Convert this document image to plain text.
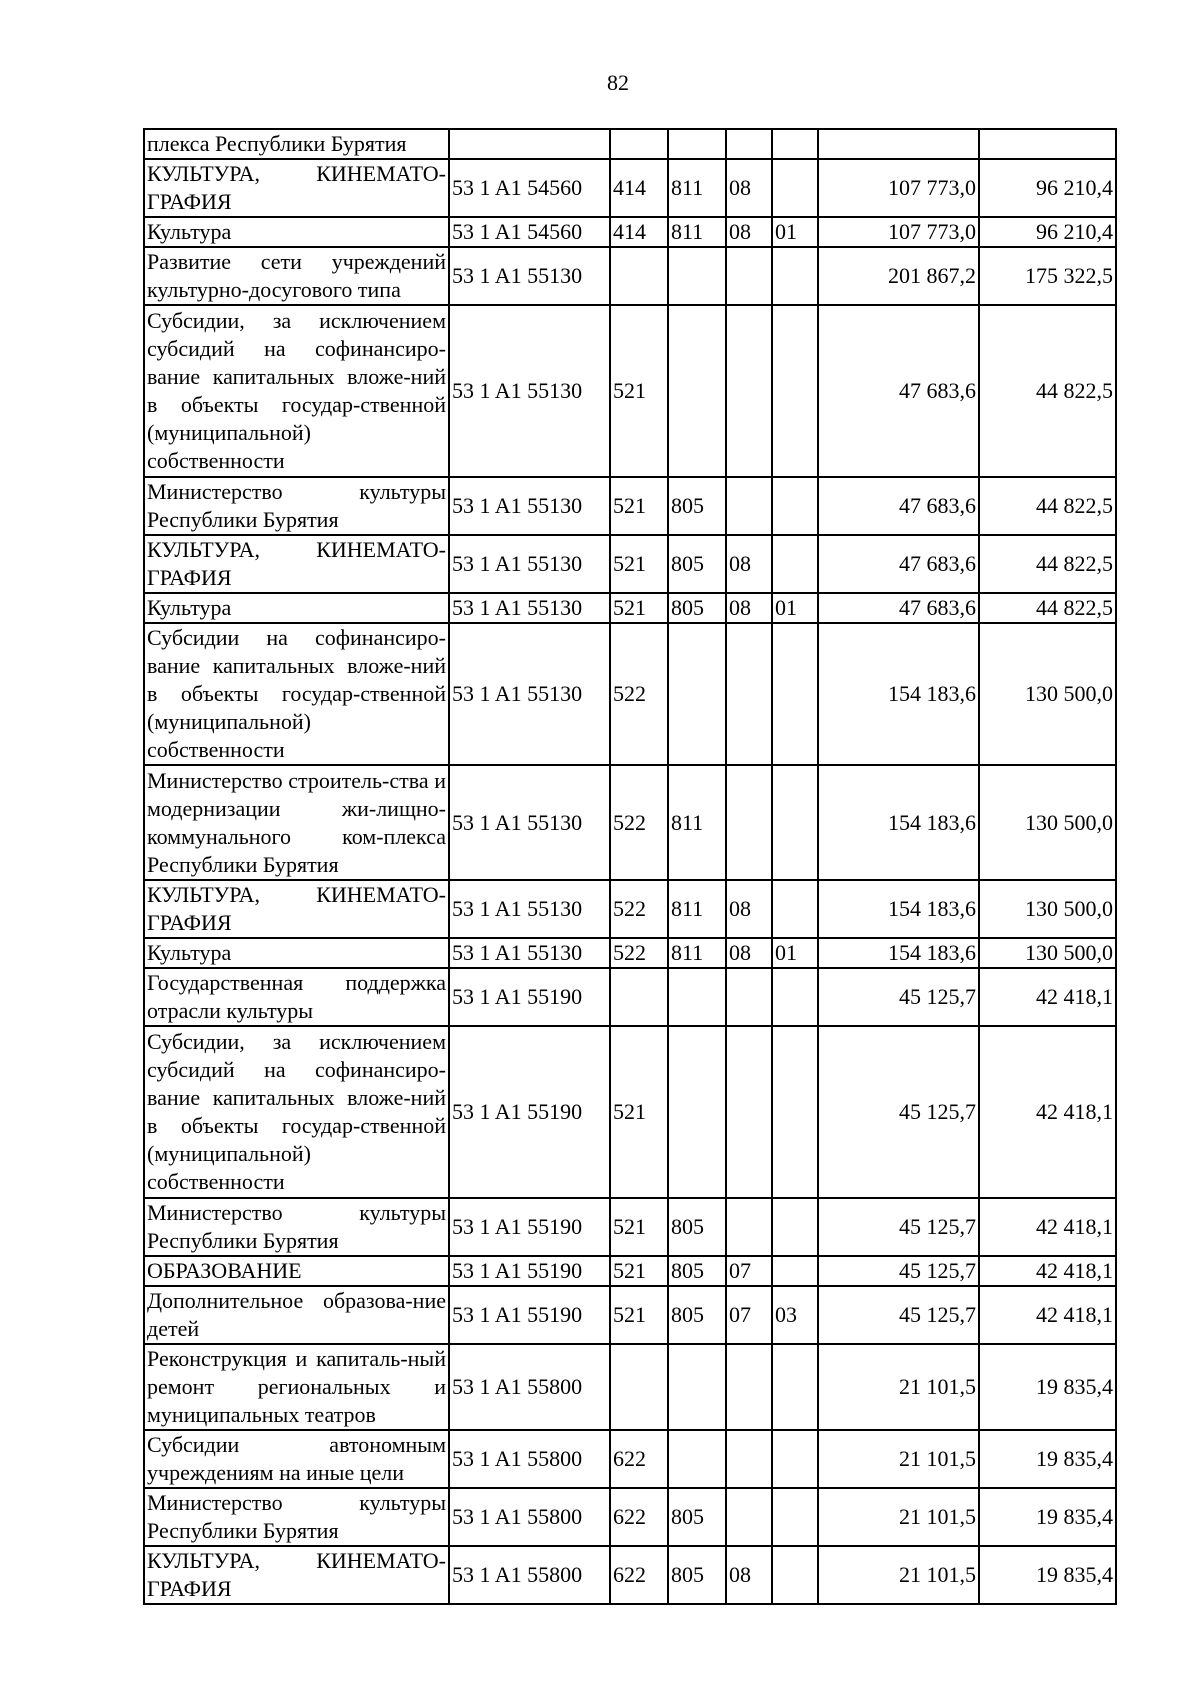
82
плекса Республики Бурятия							
КУЛЬТУРА, КИНЕМАТО-ГРАФИЯ	53 1 A1 54560	414	811	08		107 773,0	96 210,4
Культура	53 1 A1 54560	414	811	08	01	107 773,0	96 210,4
Развитие сети учреждений культурно-досугового типа	53 1 A1 55130					201 867,2	175 322,5
Субсидии, за исключением субсидий на софинансиро-вание капитальных вложе-ний в объекты государ-ственной (муниципальной) собственности	53 1 A1 55130	521				47 683,6	44 822,5
Министерство культуры Республики Бурятия	53 1 A1 55130	521	805			47 683,6	44 822,5
КУЛЬТУРА, КИНЕМАТО-ГРАФИЯ	53 1 A1 55130	521	805	08		47 683,6	44 822,5
Культура	53 1 A1 55130	521	805	08	01	47 683,6	44 822,5
Субсидии на софинансиро-вание капитальных вложе-ний в объекты государ-ственной (муниципальной) собственности	53 1 A1 55130	522				154 183,6	130 500,0
Министерство строитель-ства и модернизации жи-лищно-коммунального ком-плекса Республики Бурятия	53 1 A1 55130	522	811			154 183,6	130 500,0
КУЛЬТУРА, КИНЕМАТО-ГРАФИЯ	53 1 A1 55130	522	811	08		154 183,6	130 500,0
Культура	53 1 A1 55130	522	811	08	01	154 183,6	130 500,0
Государственная поддержка отрасли культуры	53 1 A1 55190					45 125,7	42 418,1
Субсидии, за исключением субсидий на софинансиро-вание капитальных вложе-ний в объекты государ-ственной (муниципальной) собственности	53 1 A1 55190	521				45 125,7	42 418,1
Министерство культуры Республики Бурятия	53 1 A1 55190	521	805			45 125,7	42 418,1
ОБРАЗОВАНИЕ	53 1 A1 55190	521	805	07		45 125,7	42 418,1
Дополнительное образова-ние детей	53 1 A1 55190	521	805	07	03	45 125,7	42 418,1
Реконструкция и капиталь-ный ремонт региональных и муниципальных театров	53 1 A1 55800					21 101,5	19 835,4
Субсидии автономным учреждениям на иные цели	53 1 A1 55800	622				21 101,5	19 835,4
Министерство культуры Республики Бурятия	53 1 A1 55800	622	805			21 101,5	19 835,4
КУЛЬТУРА, КИНЕМАТО-ГРАФИЯ	53 1 A1 55800	622	805	08		21 101,5	19 835,4
